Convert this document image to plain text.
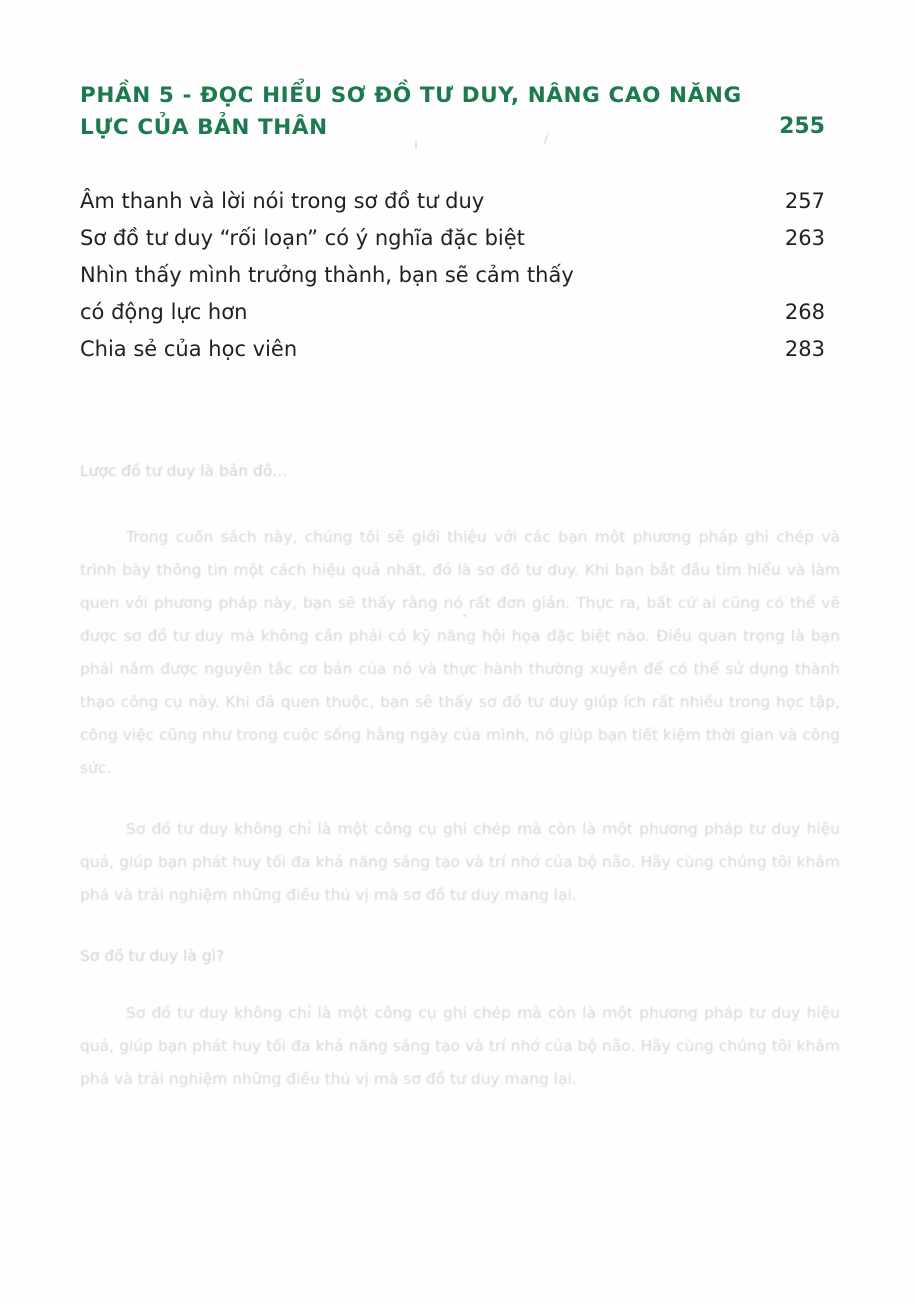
Lược đồ tư duy là bản đồ...

Trong cuốn sách này, chúng tôi sẽ giới thiệu với các bạn một phương pháp ghi chép và trình bày thông tin một cách hiệu quả nhất, đó là sơ đồ tư duy. Khi bạn bắt đầu tìm hiểu và làm quen với phương pháp này, bạn sẽ thấy rằng nó rất đơn giản. Thực ra, bất cứ ai cũng có thể vẽ được sơ đồ tư duy mà không cần phải có kỹ năng hội họa đặc biệt nào. Điều quan trọng là bạn phải nắm được nguyên tắc cơ bản của nó và thực hành thường xuyên để có thể sử dụng thành thạo công cụ này. Khi đã quen thuộc, bạn sẽ thấy sơ đồ tư duy giúp ích rất nhiều trong học tập, công việc cũng như trong cuộc sống hằng ngày của mình, nó giúp bạn tiết kiệm thời gian và công sức.

Sơ đồ tư duy không chỉ là một công cụ ghi chép mà còn là một phương pháp tư duy hiệu quả, giúp bạn phát huy tối đa khả năng sáng tạo và trí nhớ của bộ não. Hãy cùng chúng tôi khám phá và trải nghiệm những điều thú vị mà sơ đồ tư duy mang lại.

Sơ đồ tư duy là gì?

Sơ đồ tư duy không chỉ là một công cụ ghi chép mà còn là một phương pháp tư duy hiệu quả, giúp bạn phát huy tối đa khả năng sáng tạo và trí nhớ của bộ não. Hãy cùng chúng tôi khám phá và trải nghiệm những điều thú vị mà sơ đồ tư duy mang lại.

PHẦN 5 - ĐỌC HIỂU SƠ ĐỒ TƯ DUY, NÂNG CAO NĂNG LỰC CỦA BẢN THÂN	255
Âm thanh và lời nói trong sơ đồ tư duy	257
Sơ đồ tư duy “rối loạn” có ý nghĩa đặc biệt	263
Nhìn thấy mình trưởng thành, bạn sẽ cảm thấy
có động lực hơn	268
Chia sẻ của học viên	283
